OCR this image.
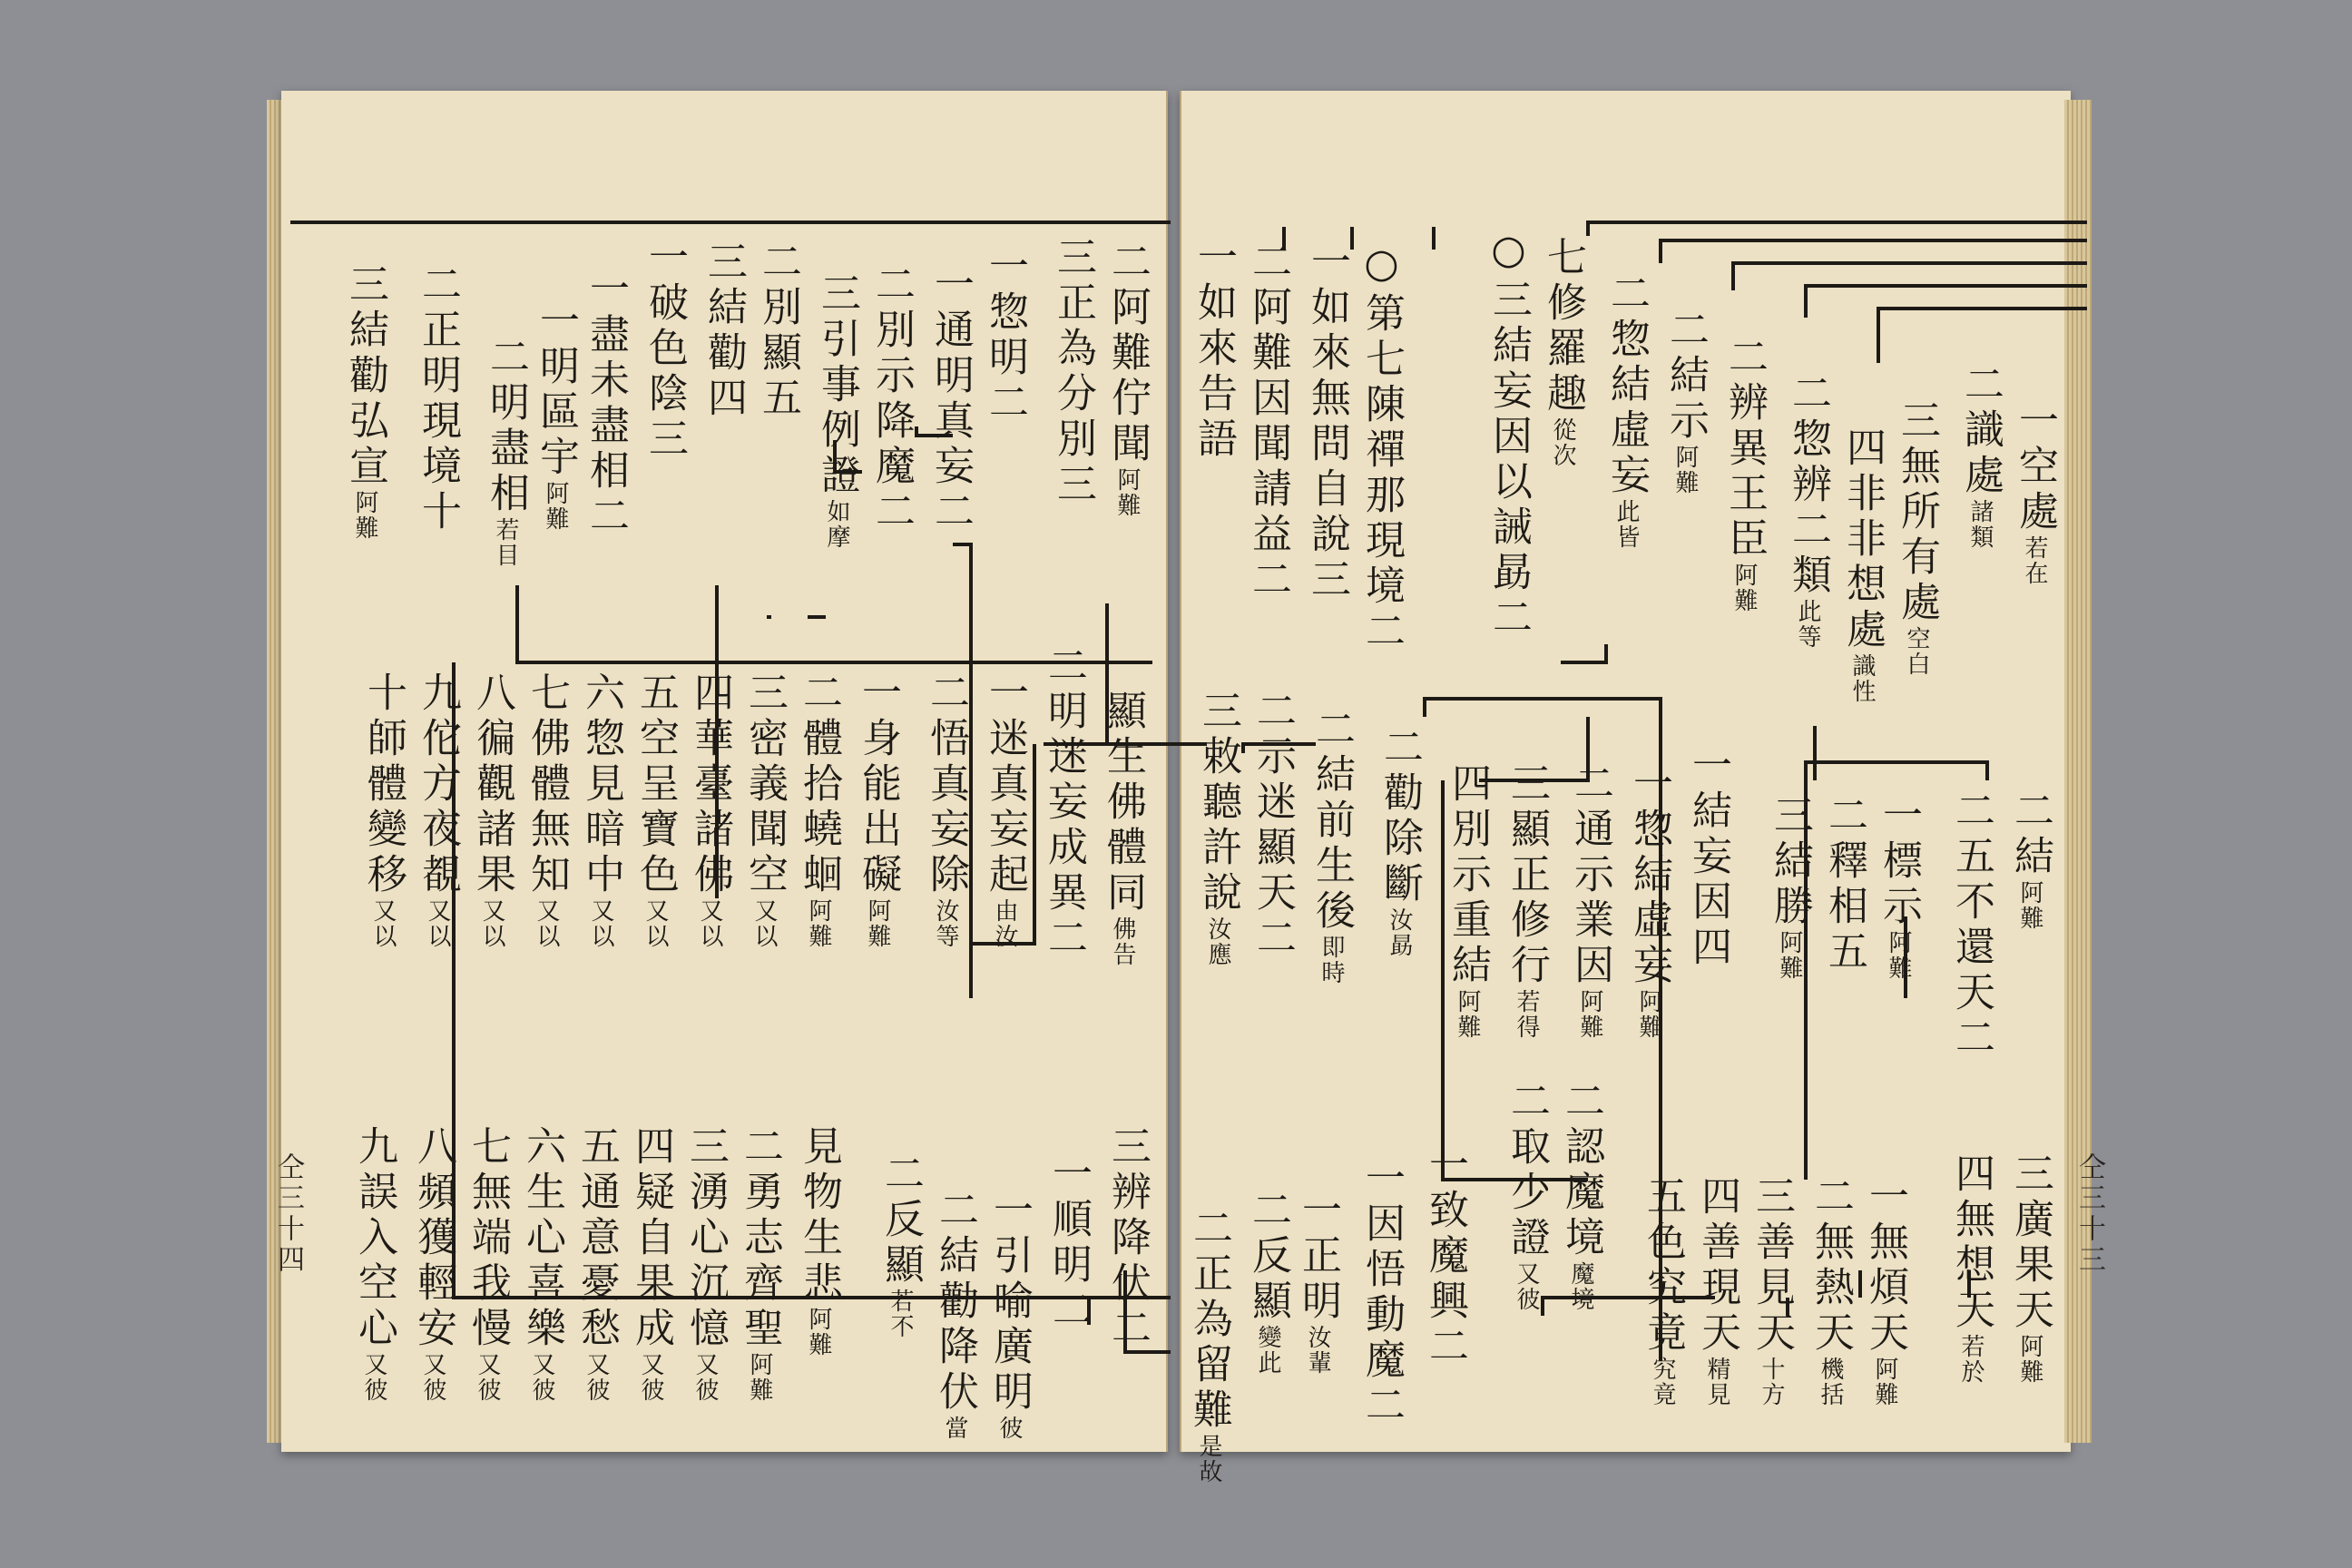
一空處若在
二識處諸類
三無所有處空白
四非非想處識性
二惣辨二類此等
二辨異王臣阿難
二結示阿難
二惣結虛妄此皆
七修羅趣從次
○三結妄因以誡勗二
○第七陳禪那現境二
一如來無問自說三
二阿難因聞請益二
一如來告語
二結阿難
二五不還天二
一標示阿難
二釋相五
三結勝阿難
一結妄因四
一惣結虛妄阿難
二通示業因阿難
三顯正修行若得
四別示重結阿難
二勸除斷汝勗
二結前生後即時
二示迷顯天二
三敕聽許說汝應
三廣果天阿難
四無想天若於
一無煩天阿難
二無熱天機括
三善見天十方
四善現天精見
五色究竟究竟
二認魔境魔境
二取少證又彼
一致魔興二
一因悟動魔二
一正明汝輩
二反顯變此
二正為留難是故
二阿難佇聞阿難
三正為分別三
一惣明二
一通明真妄二
二別示降魔二
三引事例證如摩
二別顯五
三結勸四
一破色陰三
一盡未盡相二
一明區宇阿難
二明盡相若目
二正明現境十
三結勸弘宣阿難
顯生佛體同佛告
二明迷妄成異二
一迷真妄起由汝
二悟真妄除汝等
一身能出礙阿難
二體拾蟯蛔阿難
三密義聞空又以
四華臺諸佛又以
五空呈寶色又以
六惣見暗中又以
七佛體無知又以
八徧觀諸果又以
九佗方夜覩又以
十師體變移又以
三辨降伏二
一順明二
一引喻廣明彼
二結勸降伏當
二反顯若不
見物生悲阿難
二勇志齊聖阿難
三湧心沉憶又彼
四疑自果成又彼
五通意憂愁又彼
六生心喜樂又彼
七無端我慢又彼
八頻獲輕安又彼
九誤入空心又彼
仝三十三
仝三十四
